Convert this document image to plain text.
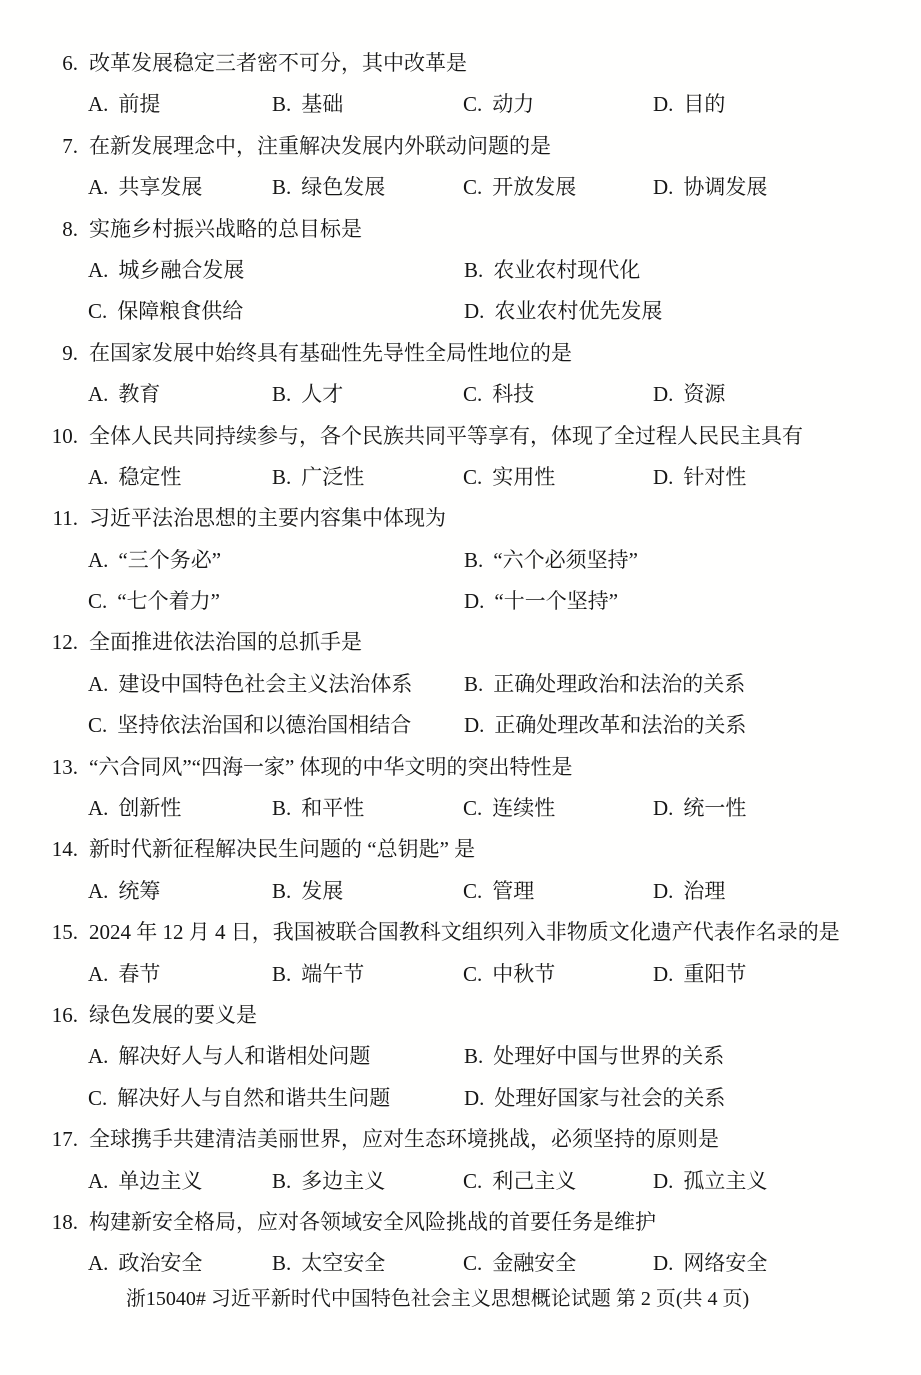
6. 改革发展稳定三者密不可分，其中改革是
A. 前提	B. 基础	C. 动力	D. 目的
7. 在新发展理念中，注重解决发展内外联动问题的是
A. 共享发展	B. 绿色发展	C. 开放发展	D. 协调发展
8. 实施乡村振兴战略的总目标是
A. 城乡融合发展	B. 农业农村现代化
C. 保障粮食供给	D. 农业农村优先发展
9. 在国家发展中始终具有基础性先导性全局性地位的是
A. 教育	B. 人才	C. 科技	D. 资源
10. 全体人民共同持续参与，各个民族共同平等享有，体现了全过程人民民主具有
A. 稳定性	B. 广泛性	C. 实用性	D. 针对性
11. 习近平法治思想的主要内容集中体现为
A. “三个务必”	B. “六个必须坚持”
C. “七个着力”	D. “十一个坚持”
12. 全面推进依法治国的总抓手是
A. 建设中国特色社会主义法治体系	B. 正确处理政治和法治的关系
C. 坚持依法治国和以德治国相结合	D. 正确处理改革和法治的关系
13. “六合同风”“四海一家” 体现的中华文明的突出特性是
A. 创新性	B. 和平性	C. 连续性	D. 统一性
14. 新时代新征程解决民生问题的 “总钥匙” 是
A. 统筹	B. 发展	C. 管理	D. 治理
15. 2024 年 12 月 4 日，我国被联合国教科文组织列入非物质文化遗产代表作名录的是
A. 春节	B. 端午节	C. 中秋节	D. 重阳节
16. 绿色发展的要义是
A. 解决好人与人和谐相处问题	B. 处理好中国与世界的关系
C. 解决好人与自然和谐共生问题	D. 处理好国家与社会的关系
17. 全球携手共建清洁美丽世界，应对生态环境挑战，必须坚持的原则是
A. 单边主义	B. 多边主义	C. 利己主义	D. 孤立主义
18. 构建新安全格局，应对各领域安全风险挑战的首要任务是维护
A. 政治安全	B. 太空安全	C. 金融安全	D. 网络安全
浙15040# 习近平新时代中国特色社会主义思想概论试题 第 2 页(共 4 页)
